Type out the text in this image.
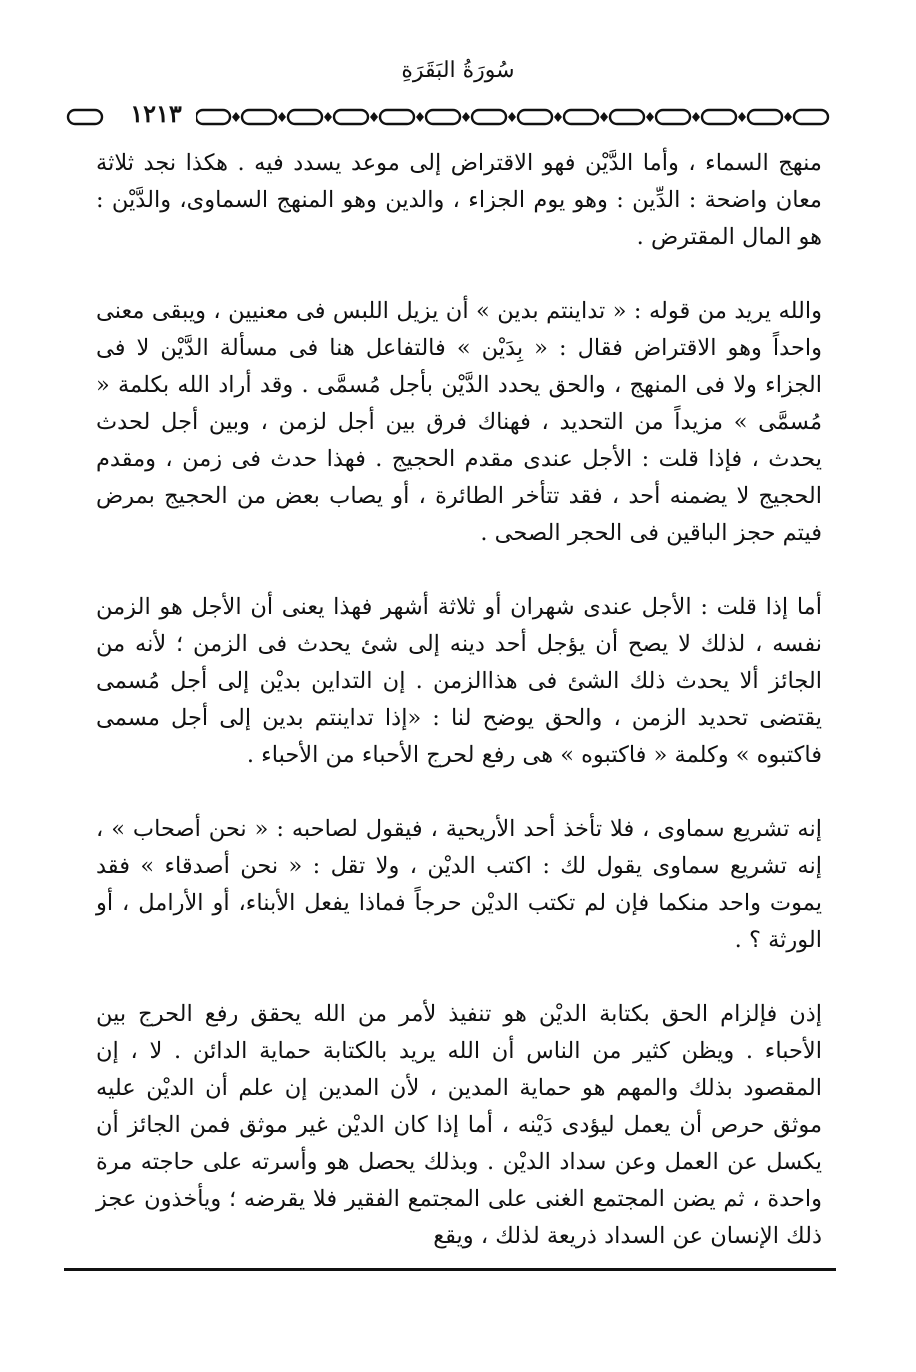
سُورَةُ البَقَرَةِ
١٢١٣

منهج السماء ، وأما الدَّيْن فهو الاقتراض إلى موعد يسدد فيه . هكذا نجد ثلاثة معان واضحة : الدِّين : وهو يوم الجزاء ، والدين وهو المنهج السماوى، والدَّيْن : هو المال المقترض .

والله يريد من قوله : « تداينتم بدين » أن يزيل اللبس فى معنيين ، ويبقى معنى واحداً وهو الاقتراض فقال : « بِدَيْن » فالتفاعل هنا فى مسألة الدَّيْن لا فى الجزاء ولا فى المنهج ، والحق يحدد الدَّيْن بأجل مُسمَّى . وقد أراد الله بكلمة « مُسمَّى » مزيداً من التحديد ، فهناك فرق بين أجل لزمن ، وبين أجل لحدث يحدث ، فإذا قلت : الأجل عندى مقدم الحجيج . فهذا حدث فى زمن ، ومقدم الحجيج لا يضمنه أحد ، فقد تتأخر الطائرة ، أو يصاب بعض من الحجيج بمرض فيتم حجز الباقين فى الحجر الصحى .

أما إذا قلت : الأجل عندى شهران أو ثلاثة أشهر فهذا يعنى أن الأجل هو الزمن نفسه ، لذلك لا يصح أن يؤجل أحد دينه إلى شئ يحدث فى الزمن ؛ لأنه من الجائز ألا يحدث ذلك الشئ فى هذاالزمن . إن التداين بديْن إلى أجل مُسمى يقتضى تحديد الزمن ، والحق يوضح لنا : «إذا تداينتم بدين إلى أجل مسمى فاكتبوه » وكلمة « فاكتبوه » هى رفع لحرج الأحباء من الأحباء .

إنه تشريع سماوى ، فلا تأخذ أحد الأريحية ، فيقول لصاحبه : « نحن أصحاب » ، إنه تشريع سماوى يقول لك : اكتب الديْن ، ولا تقل : « نحن أصدقاء » فقد يموت واحد منكما فإن لم تكتب الديْن حرجاً فماذا يفعل الأبناء، أو الأرامل ، أو الورثة ؟ .

إذن فإلزام الحق بكتابة الديْن هو تنفيذ لأمر من الله يحقق رفع الحرج بين الأحباء . ويظن كثير من الناس أن الله يريد بالكتابة حماية الدائن . لا ، إن المقصود بذلك والمهم هو حماية المدين ، لأن المدين إن علم أن الديْن عليه موثق حرص أن يعمل ليؤدى دَيْنه ، أما إذا كان الديْن غير موثق فمن الجائز أن يكسل عن العمل وعن سداد الديْن . وبذلك يحصل هو وأسرته على حاجته مرة واحدة ، ثم يضن المجتمع الغنى على المجتمع الفقير فلا يقرضه ؛ ويأخذون عجز ذلك الإنسان عن السداد ذريعة لذلك ، ويقع
